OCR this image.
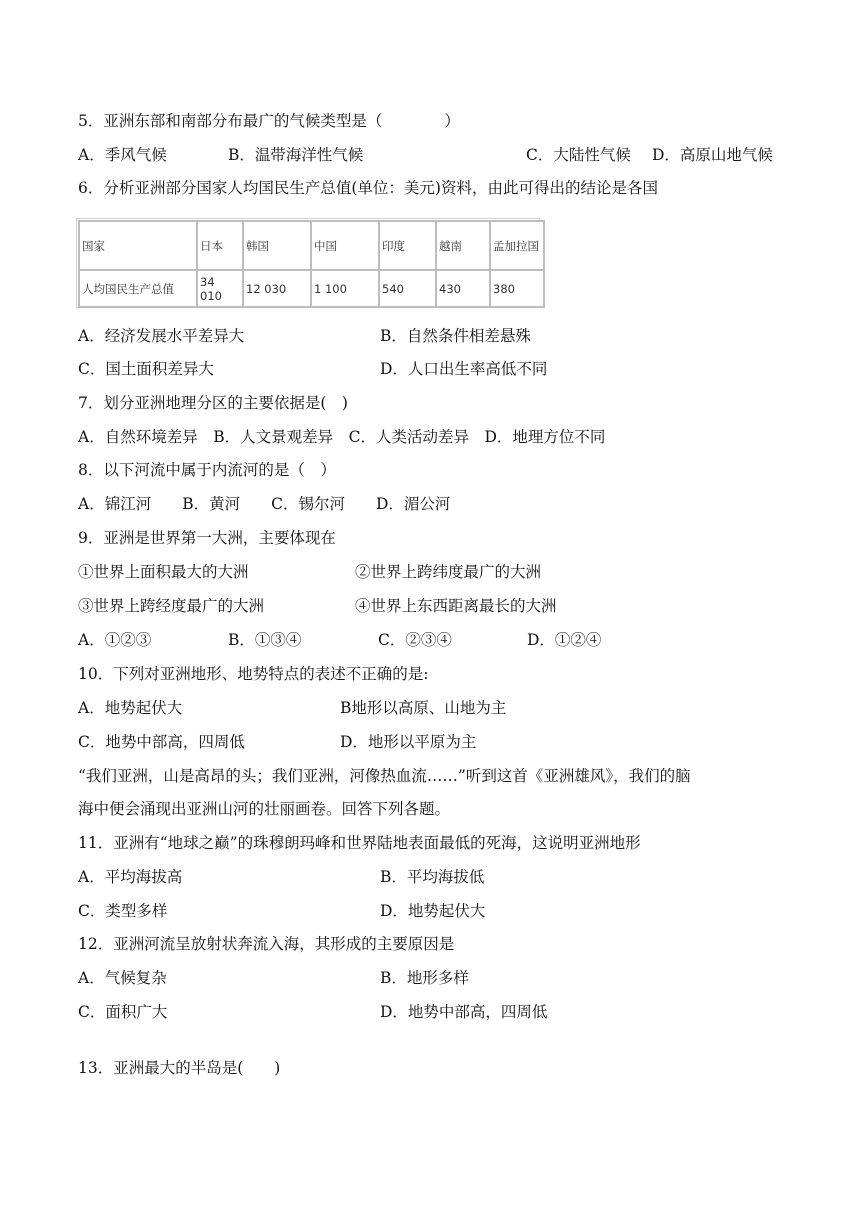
5．亚洲东部和南部分布最广的气候类型是（　　　　）
A．季风气候	B．温带海洋性气候	C．大陆性气候 D．高原山地气候
6．分析亚洲部分国家人均国民生产总值(单位：美元)资料，由此可得出的结论是各国
国家	日本	韩国	中国	印度	越南	孟加拉国
人均国民生产总值	34 010	12 030	1 100	540	430	380
A．经济发展水平差异大	B．自然条件相差悬殊
C．国土面积差异大	D．人口出生率高低不同
7．划分亚洲地理分区的主要依据是(　)
A．自然环境差异　B．人文景观差异　C．人类活动差异　D．地理方位不同
8．以下河流中属于内流河的是（　）
A．锦江河　　B．黄河　　C．锡尔河　　D．湄公河
9．亚洲是世界第一大洲，主要体现在
①世界上面积最大的大洲	②世界上跨纬度最广的大洲
③世界上跨经度最广的大洲	④世界上东西距离最长的大洲
A．①②③	B．①③④	C．②③④	D．①②④
10．下列对亚洲地形、地势特点的表述不正确的是:
A．地势起伏大	B地形以高原、山地为主
C．地势中部高，四周低	D．地形以平原为主
“我们亚洲，山是高昂的头；我们亚洲，河像热血流……”听到这首《亚洲雄风》，我们的脑
海中便会涌现出亚洲山河的壮丽画卷。回答下列各题。
11．亚洲有“地球之巅”的珠穆朗玛峰和世界陆地表面最低的死海，这说明亚洲地形
A．平均海拔高	B．平均海拔低
C．类型多样	D．地势起伏大
12．亚洲河流呈放射状奔流入海，其形成的主要原因是
A．气候复杂	B．地形多样
C．面积广大	D．地势中部高，四周低
13．亚洲最大的半岛是(　　)
